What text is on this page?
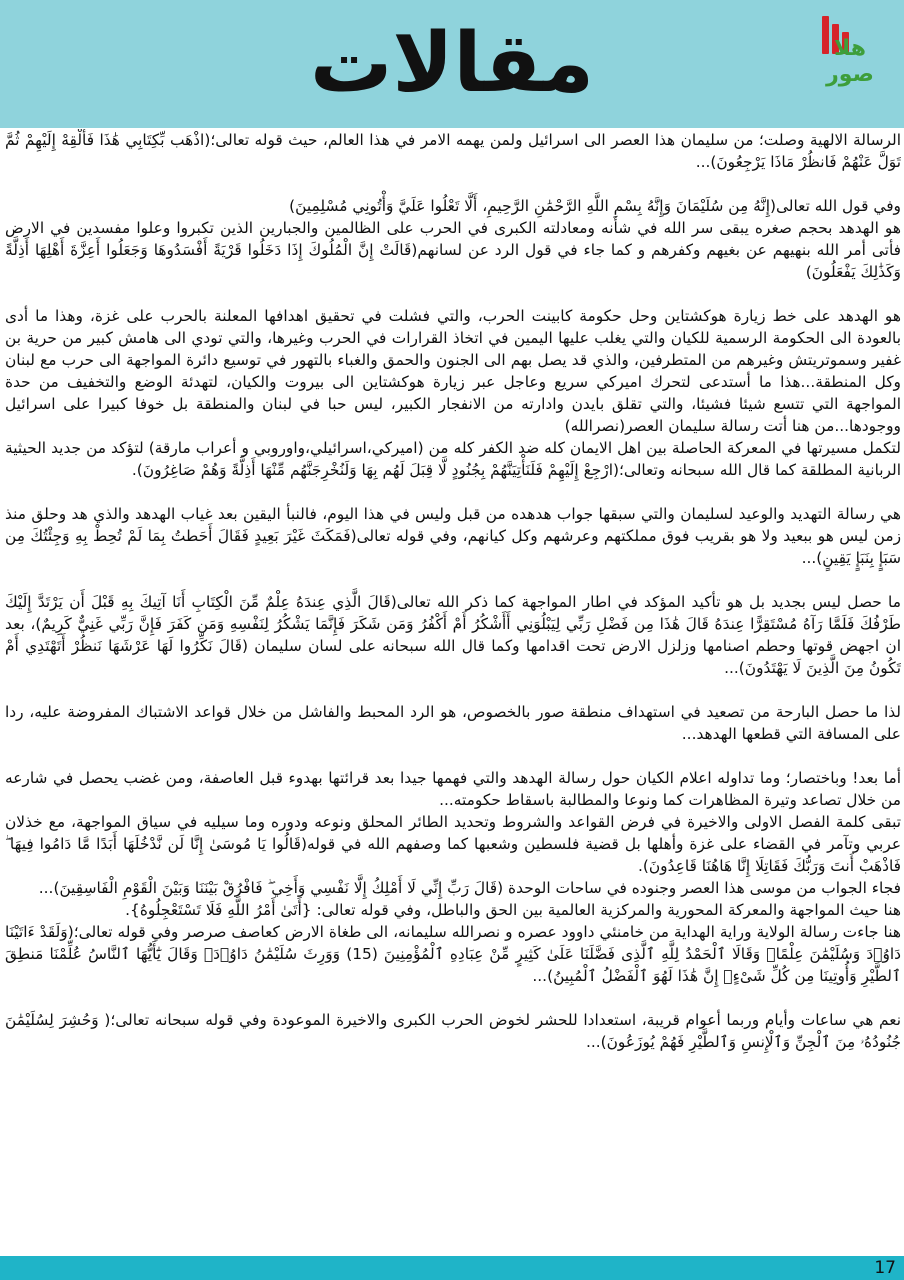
مقالات	هلا صور

الرسالة الالهية وصلت؛ من سليمان هذا العصر الى اسرائيل ولمن يهمه الامر في هذا العالم، حيث قوله تعالى؛(اذْهَب بِّكِتَابِي هَٰذَا فَأَلْقِهْ إِلَيْهِمْ ثُمَّ تَوَلَّ عَنْهُمْ فَانظُرْ مَاذَا يَرْجِعُونَ)...

وفي قول الله تعالى(إِنَّهُ مِن سُلَيْمَانَ وَإِنَّهُ بِسْمِ اللَّهِ الرَّحْمَٰنِ الرَّحِيمِ، أَلَّا تَعْلُوا عَلَيَّ وَأْتُونِي مُسْلِمِينَ)

هو الهدهد بحجم صغره يبقى سر الله في شأنه ومعادلته الكبرى في الحرب على الظالمين والجبارين الذين تكبروا وعلوا مفسدين في الارض فأتى أمر الله بنهيهم عن بغيهم وكفرهم و كما جاء في قول الرد عن لسانهم(قَالَتْ إِنَّ الْمُلُوكَ إِذَا دَخَلُوا قَرْيَةً أَفْسَدُوهَا وَجَعَلُوا أَعِزَّةَ أَهْلِهَا أَذِلَّةً وَكَذَٰلِكَ يَفْعَلُونَ)

هو الهدهد على خط زيارة هوكشتاين وحل حكومة كابينت الحرب، والتي فشلت في تحقيق اهدافها المعلنة بالحرب على غزة، وهذا ما أدى بالعودة الى الحكومة الرسمية للكيان والتي يغلب عليها اليمين في اتخاذ القرارات في الحرب وغيرها، والتي تودي الى هامش كبير من حرية بن غفير وسموتريتش وغيرهم من المتطرفين، والذي قد يصل بهم الى الجنون والحمق والغباء بالتهور في توسيع دائرة المواجهة الى حرب مع لبنان وكل المنطقة...هذا ما أستدعى لتحرك اميركي سريع وعاجل عبر زيارة هوكشتاين الى بيروت والكيان، لتهدئة الوضع والتخفيف من حدة المواجهة التي تتسع شيئا فشيئا، والتي تقلق بايدن وادارته من الانفجار الكبير، ليس حبا في لبنان والمنطقة بل خوفا كبيرا على اسرائيل ووجودها...من هنا أتت رسالة سليمان العصر(نصرالله)

لتكمل مسيرتها في المعركة الحاصلة بين اهل الايمان كله ضد الكفر كله من (اميركي،اسرائيلي،واوروبي و أعراب مارقة) لتؤكد من جديد الحيثية الربانية المطلقة كما قال الله سبحانه وتعالى؛(ارْجِعْ إِلَيْهِمْ فَلَنَأْتِيَنَّهُمْ بِجُنُودٍ لَّا قِبَلَ لَهُم بِهَا وَلَنُخْرِجَنَّهُم مِّنْهَا أَذِلَّةً وَهُمْ صَاغِرُونَ).

هي رسالة التهديد والوعيد لسليمان والتي سبقها جواب هدهده من قبل وليس في هذا اليوم، فالنبأ اليقين بعد غياب الهدهد والذي هد وحلق منذ زمن ليس هو ببعيد ولا هو بقريب فوق مملكتهم وعرشهم وكل كيانهم، وفي قوله تعالى(فَمَكَثَ غَيْرَ بَعِيدٍ فَقَالَ أَحَطتُ بِمَا لَمْ تُحِطْ بِهِ وَجِئْتُكَ مِن سَبَإٍ بِنَبَإٍ يَقِينٍ)...

ما حصل ليس بجديد بل هو تأكيد المؤكد في اطار المواجهة كما ذكر الله تعالى(قَالَ الَّذِي عِندَهُ عِلْمٌ مِّنَ الْكِتَابِ أَنَا آتِيكَ بِهِ قَبْلَ أَن يَرْتَدَّ إِلَيْكَ طَرْفُكَ فَلَمَّا رَآهُ مُسْتَقِرًّا عِندَهُ قَالَ هَٰذَا مِن فَضْلِ رَبِّي لِيَبْلُوَنِي أَأَشْكُرُ أَمْ أَكْفُرُ وَمَن شَكَرَ فَإِنَّمَا يَشْكُرُ لِنَفْسِهِ وَمَن كَفَرَ فَإِنَّ رَبِّي غَنِيٌّ كَرِيمٌ)، بعد ان اجهض قوتها وحطم اصنامها وزلزل الارض تحت اقدامها وكما قال الله سبحانه على لسان سليمان (قَالَ نَكِّرُوا لَهَا عَرْشَهَا نَنظُرْ أَتَهْتَدِي أَمْ تَكُونُ مِنَ الَّذِينَ لَا يَهْتَدُونَ)...

لذا ما حصل البارحة من تصعيد في استهداف منطقة صور بالخصوص، هو الرد المحبط والفاشل من خلال قواعد الاشتباك المفروضة عليه، ردا على المسافة التي قطعها الهدهد...

أما بعد! وباختصار؛ وما تداوله اعلام الكيان حول رسالة الهدهد والتي فهمها جيدا بعد قرائتها بهدوء قبل العاصفة، ومن غضب يحصل في شارعه من خلال تصاعد وتيرة المظاهرات كما ونوعا والمطالبة باسقاط حكومته...

تبقى كلمة الفصل الاولى والاخيرة في فرض القواعد والشروط وتحديد الطائر المحلق ونوعه ودوره وما سيليه في سياق المواجهة، مع خذلان عربي وتآمر في القضاء على غزة وأهلها بل قضية فلسطين وشعبها كما وصفهم الله في قوله(قَالُوا يَا مُوسَىٰ إِنَّا لَن نَّدْخُلَهَا أَبَدًا مَّا دَامُوا فِيهَا ۖ فَاذْهَبْ أَنتَ وَرَبُّكَ فَقَاتِلَا إِنَّا هَاهُنَا قَاعِدُونَ).

فجاء الجواب من موسى هذا العصر وجنوده في ساحات الوحدة (قَالَ رَبِّ إِنِّي لَا أَمْلِكُ إِلَّا نَفْسِي وَأَخِي ۖ فَافْرُقْ بَيْنَنَا وَبَيْنَ الْقَوْمِ الْفَاسِقِينَ)...

هنا حيث المواجهة والمعركة المحورية والمركزية العالمية بين الحق والباطل، وفي قوله تعالى: {أَتَىٰ أَمْرُ اللَّهِ فَلَا تَسْتَعْجِلُوهُ}.

هنا جاءت رسالة الولاية وراية الهداية من خامنئي داوود عصره و نصرالله سليمانه، الى طغاة الارض كعاصف صرصر وفي قوله تعالى؛(وَلَقَدْ ءَاتَيْنَا دَاوُۥدَ وَسُلَيْمَٰنَ عِلْمًاۖ وَقَالَا ٱلْحَمْدُ لِلَّهِ ٱلَّذِى فَضَّلَنَا عَلَىٰ كَثِيرٍ مِّنْ عِبَادِهِ ٱلْمُؤْمِنِينَ (15) وَوَرِثَ سُلَيْمَٰنُ دَاوُۥدَۖ وَقَالَ يَٰٓأَيُّهَا ٱلنَّاسُ عُلِّمْنَا مَنطِقَ ٱلطَّيْرِ وَأُوتِينَا مِن كُلِّ شَىْءٍۖ إِنَّ هَٰذَا لَهُوَ ٱلْفَضْلُ ٱلْمُبِينُ)...

نعم هي ساعات وأيام وربما أعوام قريبة، استعدادا للحشر لخوض الحرب الكبرى والاخيرة الموعودة وفي قوله سبحانه تعالى؛( وَحُشِرَ لِسُلَيْمَٰنَ جُنُودُهُۥ مِنَ ٱلْجِنِّ وَٱلْإِنسِ وَٱلطَّيْرِ فَهُمْ يُوزَعُونَ)...

17
